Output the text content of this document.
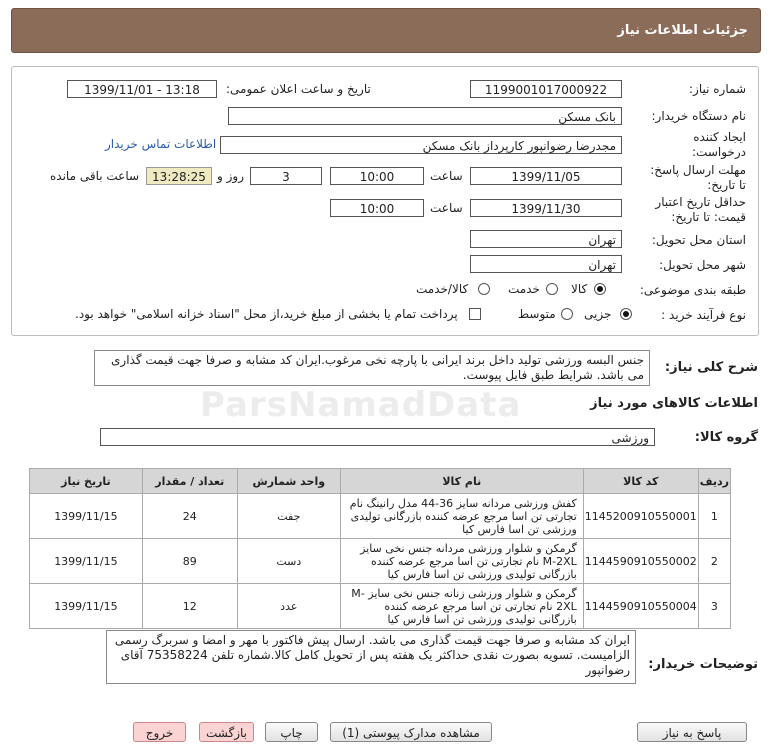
جزئیات اطلاعات نیاز
شماره نیاز:
1199001017000922
تاریخ و ساعت اعلان عمومی:
1399/11/01 - 13:18
نام دستگاه خریدار:
بانک مسکن
ایجاد کننده
درخواست:
مجدرضا رضوانپور کارپرداز بانک مسکن
اطلاعات تماس خریدار
مهلت ارسال پاسخ:
تا تاریخ:
1399/11/05
ساعت
10:00
3
روز و
13:28:25
ساعت باقی مانده
حداقل تاریخ اعتبار
قیمت: تا تاریخ:
1399/11/30
ساعت
10:00
استان محل تحویل:
تهران
شهر محل تحویل:
تهران
طبقه بندی موضوعی:
کالا
خدمت
کالا/خدمت
نوع فرآیند خرید :
جزیی
متوسط
پرداخت تمام یا بخشی از مبلغ خرید،از محل "اسناد خزانه اسلامی" خواهد بود.
شرح کلی نیاز:
جنس البسه ورزشی تولید داخل برند ایرانی با پارچه نخی مرغوب.ایران کد مشابه و صرفا جهت قیمت گذاری می باشد. شرایط طبق فایل پیوست.
ParsNamadData	اطلاعات کالاهای مورد نیاز
گروه کالا:
ورزشی
ردیف	کد کالا	نام کالا	واحد شمارش	تعداد / مقدار	تاریخ نیاز
1	1145200910550001	کفش ورزشی مردانه سایز 36-44 مدل رانینگ نام تجارتی تن اسا مرجع عرضه کننده بازرگانی تولیدی ورزشی تن اسا فارس کیا	جفت	24	1399/11/15
2	1144590910550002	گرمکن و شلوار ورزشی مردانه جنس نخی سایز M-2XL نام تجارتی تن اسا مرجع عرضه کننده بازرگانی تولیدی ورزشی تن اسا فارس کیا	دست	89	1399/11/15
3	1144590910550004	گرمکن و شلوار ورزشی زنانه جنس نخی سایز M-2XL نام تجارتی تن اسا مرجع عرضه کننده بازرگانی تولیدی ورزشی تن اسا فارس کیا	عدد	12	1399/11/15
توضیحات خریدار:
ایران کد مشابه و صرفا جهت قیمت گذاری می باشد. ارسال پیش فاکتور با مهر و امضا و سربرگ رسمی الزامیست. تسویه بصورت نقدی حداکثر یک هفته پس از تحویل کامل کالا.شماره تلفن 75358224 آقای رضوانپور
پاسخ به نیاز
مشاهده مدارک پیوستی (1)
چاپ
بازگشت
خروج
